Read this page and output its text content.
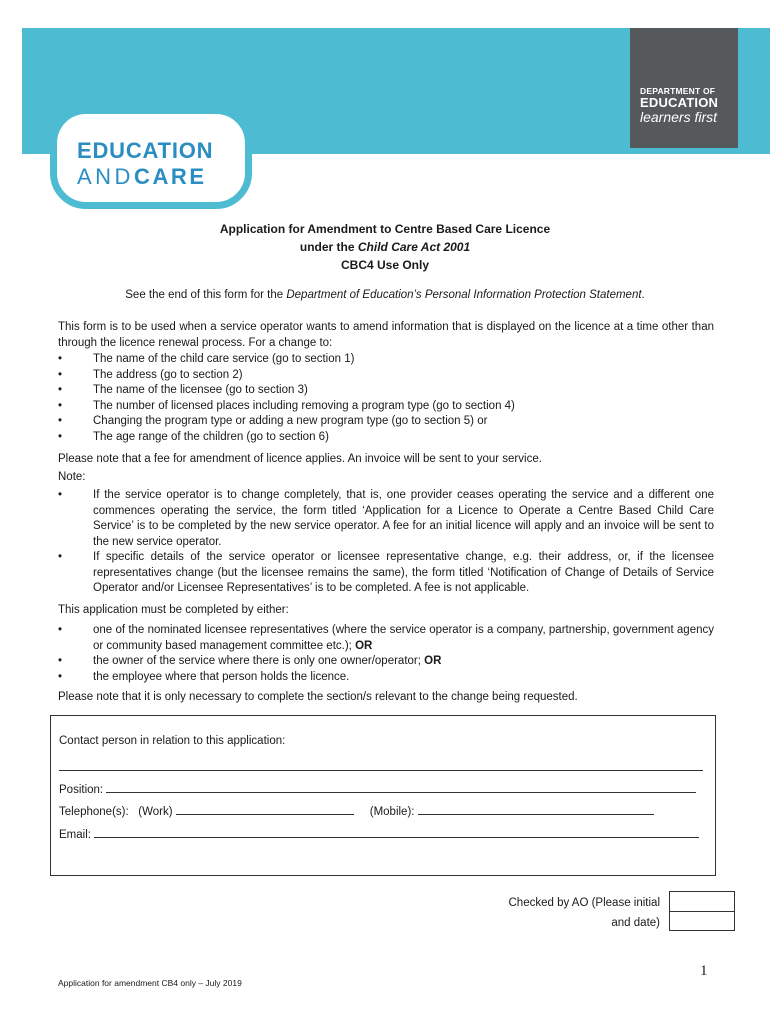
DEPARTMENT OF
EDUCATION
learners first
EDUCATION
ANDCARE
Application for Amendment to Centre Based Care Licence
under the Child Care Act 2001
CBC4 Use Only
See the end of this form for the Department of Education’s Personal Information Protection Statement.
This form is to be used when a service operator wants to amend information that is displayed on the licence at a time other than through the licence renewal process. For a change to:
•	The name of the child care service (go to section 1)
•	The address (go to section 2)
•	The name of the licensee (go to section 3)
•	The number of licensed places including removing a program type (go to section 4)
•	Changing the program type or adding a new program type (go to section 5) or
•	The age range of the children (go to section 6)
Please note that a fee for amendment of licence applies. An invoice will be sent to your service.
Note:
•	If the service operator is to change completely, that is, one provider ceases operating the service and a different one commences operating the service, the form titled ‘Application for a Licence to Operate a Centre Based Child Care Service’ is to be completed by the new service operator. A fee for an initial licence will apply and an invoice will be sent to the new service operator.
•	If specific details of the service operator or licensee representative change, e.g. their address, or, if the licensee representatives change (but the licensee remains the same), the form titled ‘Notification of Change of Details of Service Operator and/or Licensee Representatives’ is to be completed. A fee is not applicable.
This application must be completed by either:
•	one of the nominated licensee representatives (where the service operator is a company, partnership, government agency or community based management committee etc.); OR
•	the owner of the service where there is only one owner/operator; OR
•	the employee where that person holds the licence.
Please note that it is only necessary to complete the section/s relevant to the change being requested.
Contact person in relation to this application:
Position:
Telephone(s): (Work)	(Mobile):
Email:
Checked by AO (Please initial
and date)
1
Application for amendment CB4 only – July 2019
